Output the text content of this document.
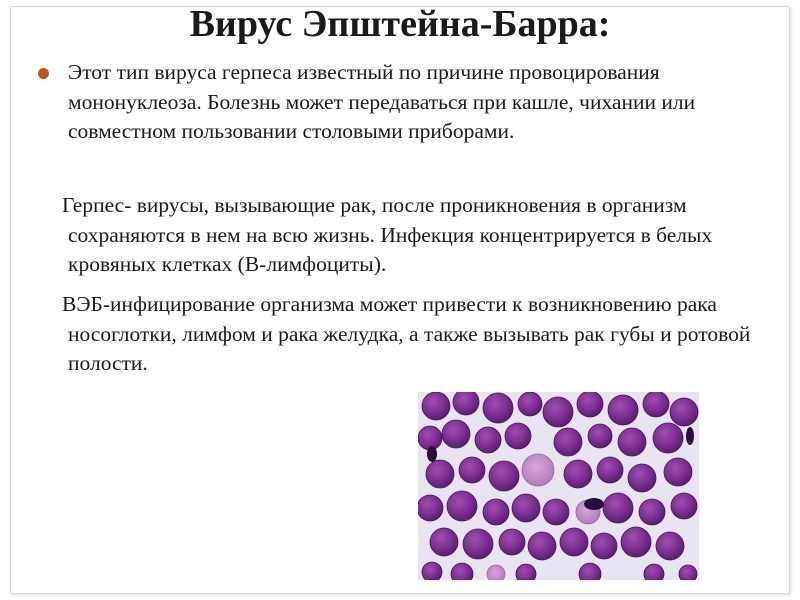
Вирус Эпштейна-Барра:
Этот тип вируса герпеса известный по причине провоцирования мононуклеоза. Болезнь может передаваться при кашле, чихании или совместном пользовании столовыми приборами.
Герпес- вирусы, вызывающие рак, после проникновения в организм сохраняются в нем на всю жизнь. Инфекция концентрируется в белых кровяных клетках (В-лимфоциты).
ВЭБ-инфицирование организма может привести к возникновению рака носоглотки, лимфом и рака желудка, а также вызывать рак губы и ротовой полости.
